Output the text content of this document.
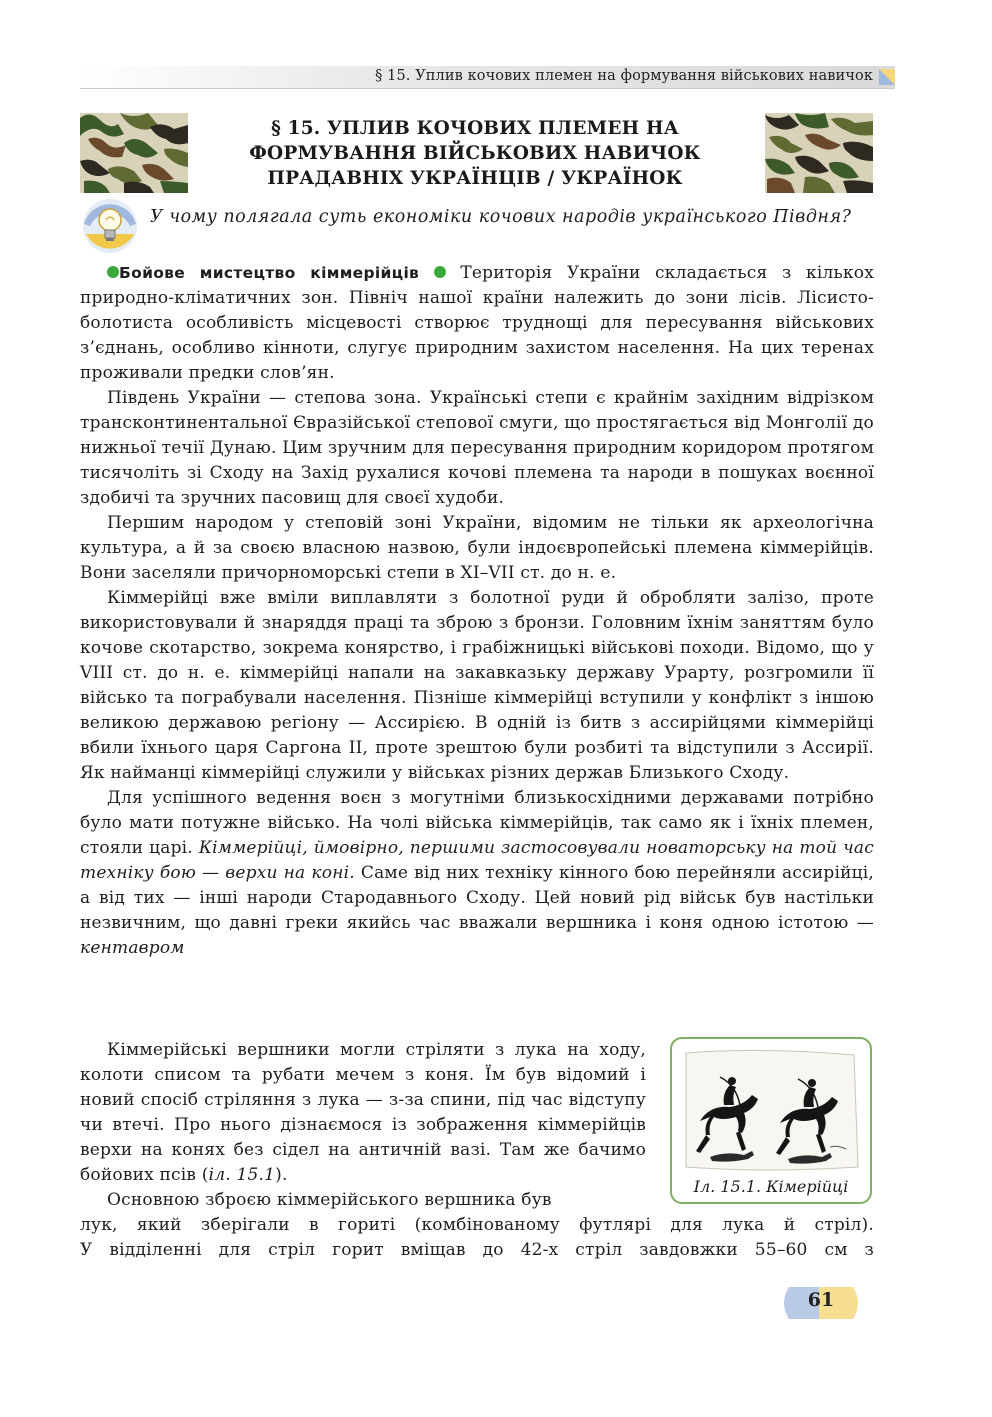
§ 15. Уплив кочових племен на формування військових навичок
§ 15. УПЛИВ КОЧОВИХ ПЛЕМЕН НА
ФОРМУВАННЯ ВІЙСЬКОВИХ НАВИЧОК
ПРАДАВНІХ УКРАЇНЦІВ / УКРАЇНОК
У чому полягала суть економіки кочових народів українського Півдня?

Бойове мистецтво кіммерійців Територія України складається з кількох природно-кліматичних зон. Північ нашої країни належить до зони лісів. Лісисто-болотиста особливість місцевості створює труднощі для пересування військових з’єднань, особливо кінноти, слугує природним захистом населення. На цих теренах проживали предки слов’ян.

Південь України — степова зона. Українські степи є крайнім західним відрізком трансконтинентальної Євразійської степової смуги, що простягається від Монголії до нижньої течії Дунаю. Цим зручним для пересування природним коридором протягом тисячоліть зі Сходу на Захід рухалися кочові племена та народи в пошуках воєнної здобичі та зручних пасовищ для своєї худоби.

Першим народом у степовій зоні України, відомим не тільки як археологічна культура, а й за своєю власною назвою, були індоєвропейські племена кіммерійців. Вони заселяли причорноморські степи в XI–VII ст. до н. е.

Кіммерійці вже вміли виплавляти з болотної руди й обробляти залізо, проте використовували й знаряддя праці та зброю з бронзи. Головним їхнім заняттям було кочове скотарство, зокрема конярство, і грабіжницькі військові походи. Відомо, що у VIII ст. до н. е. кіммерійці напали на закавказьку державу Урарту, розгромили її військо та пограбували населення. Пізніше кіммерійці вступили у конфлікт з іншою великою державою регіону — Ассирією. В одній із битв з ассирійцями кіммерійці вбили їхнього царя Саргона II, проте зрештою були розбиті та відступили з Ассирії. Як найманці кіммерійці служили у військах різних держав Близького Сходу.

Для успішного ведення воєн з могутніми близькосхідними державами потрібно було мати потужне військо. На чолі війська кіммерійців, так само як і їхніх племен, стояли царі. Кіммерійці, ймовірно, першими застосовували новаторську на той час техніку бою — верхи на коні. Саме від них техніку кінного бою перейняли ассирійці, а від тих — інші народи Стародавнього Сходу. Цей новий рід військ був настільки незвичним, що давні греки якийсь час вважали вершника і коня одною істотою — кентавром

Кіммерійські вершники могли стріляти з лука на ходу, колоти списом та рубати мечем з коня. Їм був відомий і новий спосіб стріляння з лука — з-за спини, під час відступу чи втечі. Про нього дізнаємося із зображення кіммерійців верхи на конях без сідел на античній вазі. Там же бачимо бойових псів (іл. 15.1).

Основною зброєю кіммерійського вершника був

лук, який зберігали в гориті (комбінованому футлярі для лука й стріл).

У відділенні для стріл горит вміщав до 42-х стріл завдовжки 55–60 см з

Іл. 15.1. Кімерійці
61
